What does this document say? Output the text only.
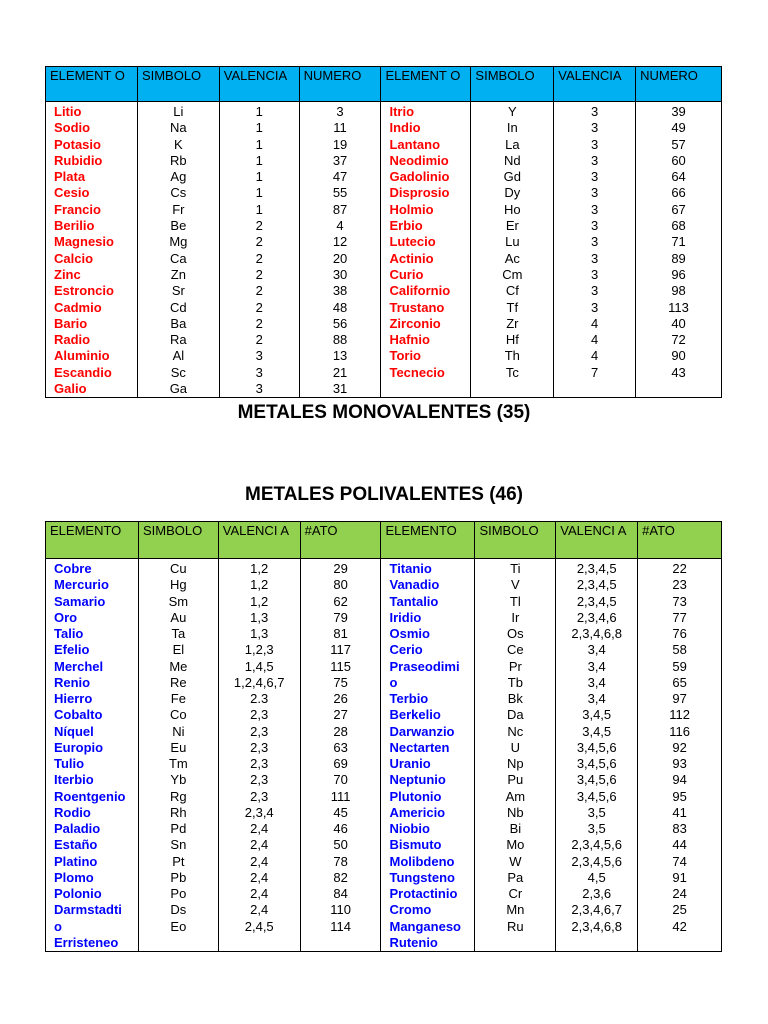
ELEMENT O	SIMBOLO	VALENCIA	NUMERO	ELEMENT O	SIMBOLO	VALENCIA	NUMERO
Litio	Li	1	3	Itrio	Y	3	39
Sodio	Na	1	11	Indio	In	3	49
Potasio	K	1	19	Lantano	La	3	57
Rubidio	Rb	1	37	Neodimio	Nd	3	60
Plata	Ag	1	47	Gadolinio	Gd	3	64
Cesio	Cs	1	55	Disprosio	Dy	3	66
Francio	Fr	1	87	Holmio	Ho	3	67
Berilio	Be	2	4	Erbio	Er	3	68
Magnesio	Mg	2	12	Lutecio	Lu	3	71
Calcio	Ca	2	20	Actinio	Ac	3	89
Zinc	Zn	2	30	Curio	Cm	3	96
Estroncio	Sr	2	38	Californio	Cf	3	98
Cadmio	Cd	2	48	Trustano	Tf	3	113
Bario	Ba	2	56	Zirconio	Zr	4	40
Radio	Ra	2	88	Hafnio	Hf	4	72
Aluminio	Al	3	13	Torio	Th	4	90
Escandio	Sc	3	21	Tecnecio	Tc	7	43
Galio	Ga	3	31				
METALES MONOVALENTES (35)
METALES POLIVALENTES (46)
ELEMENTO	SIMBOLO	VALENCI A	#ATO	ELEMENTO	SIMBOLO	VALENCI A	#ATO
Cobre	Cu	1,2	29	Titanio	Ti	2,3,4,5	22
Mercurio	Hg	1,2	80	Vanadio	V	2,3,4,5	23
Samario	Sm	1,2	62	Tantalio	Tl	2,3,4,5	73
Oro	Au	1,3	79	Iridio	Ir	2,3,4,6	77
Talio	Ta	1,3	81	Osmio	Os	2,3,4,6,8	76
Efelio	El	1,2,3	117	Cerio	Ce	3,4	58
Merchel	Me	1,4,5	115	Praseodimi	Pr	3,4	59
Renio	Re	1,2,4,6,7	75	o	Tb	3,4	65
Hierro	Fe	2.3	26	Terbio	Bk	3,4	97
Cobalto	Co	2,3	27	Berkelio	Da	3,4,5	112
Níquel	Ni	2,3	28	Darwanzio	Nc	3,4,5	116
Europio	Eu	2,3	63	Nectarten	U	3,4,5,6	92
Tulio	Tm	2,3	69	Uranio	Np	3,4,5,6	93
Iterbio	Yb	2,3	70	Neptunio	Pu	3,4,5,6	94
Roentgenio	Rg	2,3	111	Plutonio	Am	3,4,5,6	95
Rodio	Rh	2,3,4	45	Americio	Nb	3,5	41
Paladio	Pd	2,4	46	Niobio	Bi	3,5	83
Estaño	Sn	2,4	50	Bismuto	Mo	2,3,4,5,6	44
Platino	Pt	2,4	78	Molibdeno	W	2,3,4,5,6	74
Plomo	Pb	2,4	82	Tungsteno	Pa	4,5	91
Polonio	Po	2,4	84	Protactinio	Cr	2,3,6	24
Darmstadti	Ds	2,4	110	Cromo	Mn	2,3,4,6,7	25
o	Eo	2,4,5	114	Manganeso	Ru	2,3,4,6,8	42
Erristeneo				Rutenio			
